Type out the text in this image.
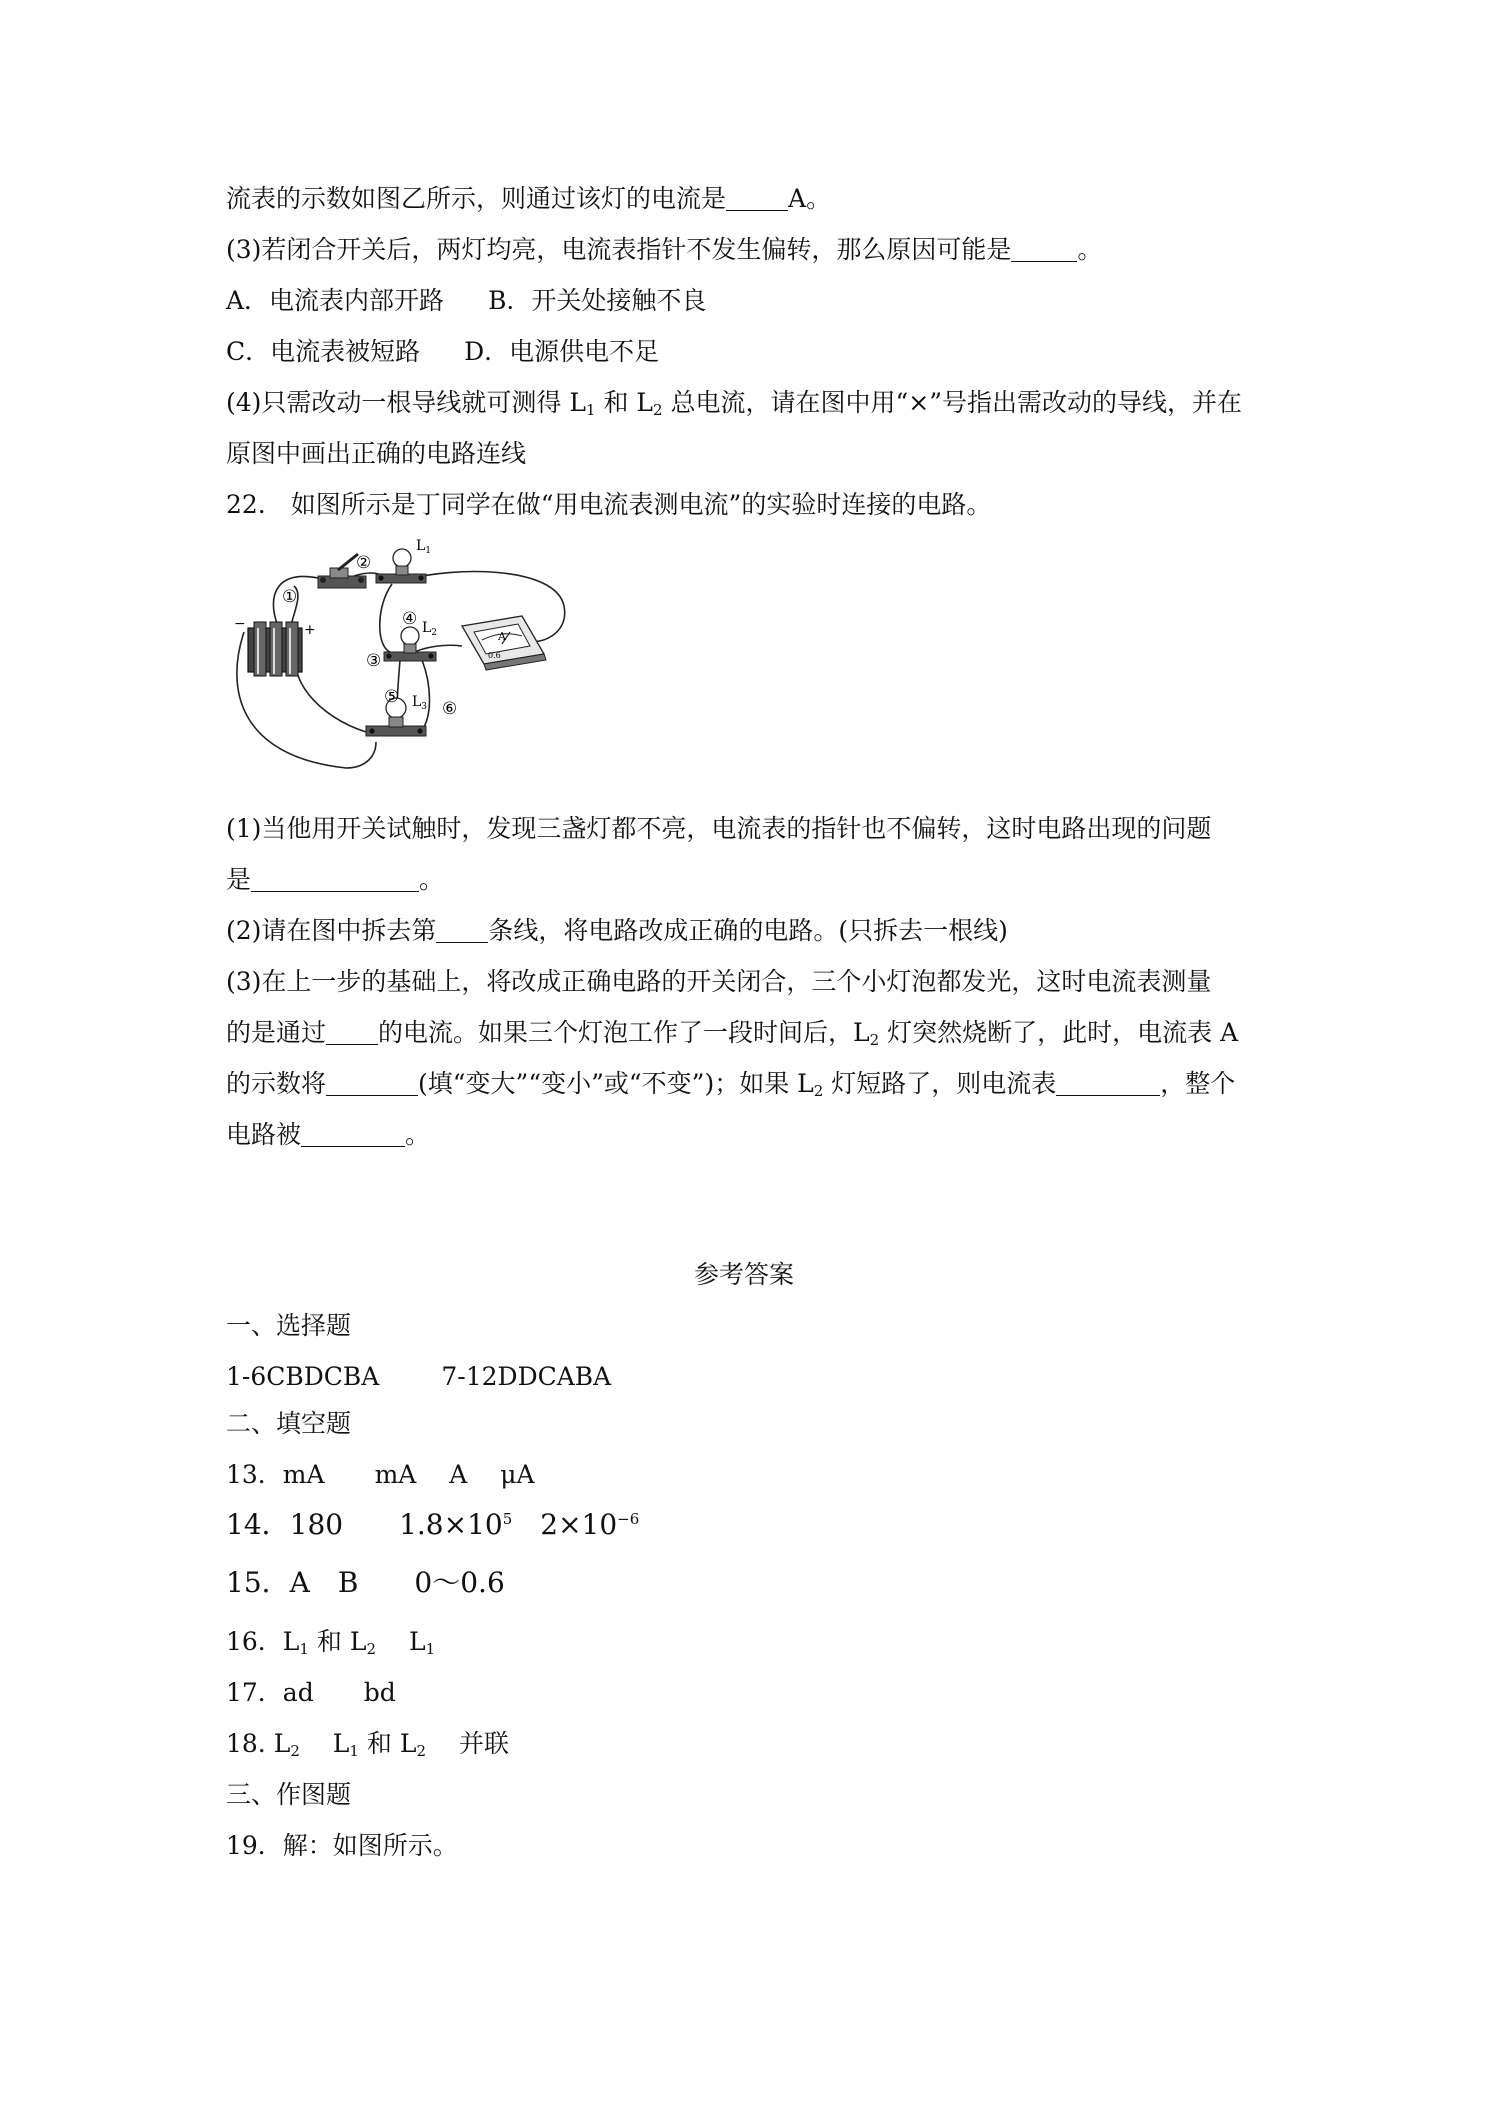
流表的示数如图乙所示，则通过该灯的电流是 A。
(3)若闭合开关后，两灯均亮，电流表指针不发生偏转，那么原因可能是	。
A．电流表内部开路 B．开关处接触不良
C．电流表被短路 D．电源供电不足
(4)只需改动一根导线就可测得 $L_1$ 和 $L_2$ 总电流，请在图中用“×”号指出需改动的导线，并在
原图中画出正确的电路连线
22.　如图所示是丁同学在做“用电流表测电流”的实验时连接的电路。
−	+
$L_1$
$L_2$
$L_3$
A
0.6
①
②
③
④
⑤
⑥
(1)当他用开关试触时，发现三盏灯都不亮，电流表的指针也不偏转，这时电路出现的问题
是	。
(2)请在图中拆去第 条线，将电路改成正确的电路。(只拆去一根线)
(3)在上一步的基础上，将改成正确电路的开关闭合，三个小灯泡都发光，这时电流表测量
的是通过 的电流。如果三个灯泡工作了一段时间后，$L_2$ 灯突然烧断了，此时，电流表 A
的示数将	(填“变大”“变小”或“不变”)；如果 $L_2$ 灯短路了，则电流表	，整个
电路被	。
参考答案
一、选择题
1-6CBDCBA 7-12DDCABA
二、填空题
13．mA　　mA　 A　 μA
14．180　　$1.8\times 10^5$　$2\times 10^{-6}$
15．A　B　　0～0.6
16．$L_1$ 和 $L_2$　 $L_1$
17．ad　　bd
18. $L_2$　 $L_1$ 和 $L_2$　 并联
三、作图题
19．解：如图所示。
